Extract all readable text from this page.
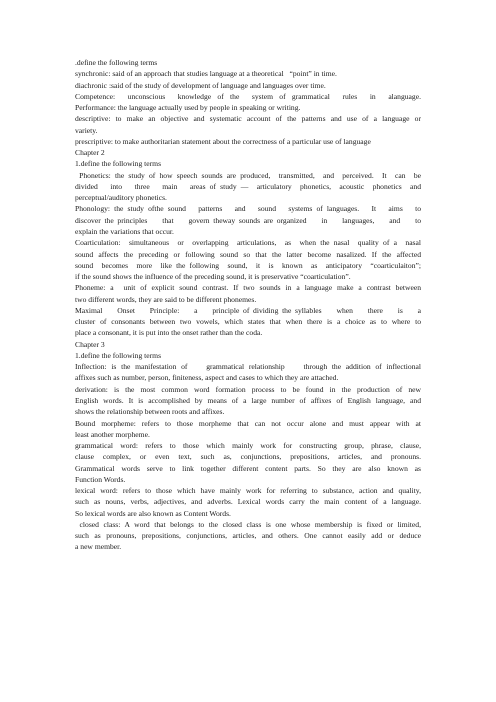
.define the following terms
synchronic: said of an approach that studies language at a theoretical   “point” in time.
diachronic :said of the study of development of language and languages over time.
Competence:  unconscious  knowledge of the  system of grammatical  rules  in  alanguage.
Performance: the language actually used by people in speaking or writing.
descriptive: to make an objective and systematic account of the patterns and use of a language or
variety.
prescriptive: to make authoritarian statement about the correctness of a particular use of language
Chapter 2
1.define the following terms
Phonetics: the study of how speech sounds are produced,  transmitted,  and  perceived.  It  can  be
divided   into   three   main   areas of study —  articulatory  phonetics,  acoustic  phonetics  and
perceptual/auditory phonetics.
Phonology: the study ofthe sound   patterns   and   sound   systems of languages.   It   aims   to
discover the principles    that    govern theway sounds are organized    in    languages,    and    to
explain the variations that occur.
Coarticulation:  simultaneous  or  overlapping  articulations,  as  when the nasal  quality of a  nasal
sound affects the preceding or following sound so that the latter become nasalized. If the affected
sound  becomes  more  like the following  sound,  it  is  known  as  anticipatory  “coarticulaiton”;
if the sound shows the influence of the preceding sound, it is preservative “coarticulation”.
Phoneme: a  unit of explicit sound contrast. If two sounds in a language make a contrast between
two different words, they are said to be different phonemes.
Maximal    Onset    Principle:    a    principle of dividing the syllables    when    there    is    a
cluster of consonants between two vowels, which states that when there is a choice as to where to
place a consonant, it is put into the onset rather than the coda.
Chapter 3
1.define the following terms
Inflection: is the manifestation of    grammatical relationship    through the addition of inflectional
affixes such as number, person, finiteness, aspect and cases to which they are attached.
derivation: is the most common word formation process to be found in the production of new
English words. It is accomplished by means of a large number of affixes of English language, and
shows the relationship between roots and affixes.
Bound morpheme: refers to those morpheme that can not occur alone and must appear with at
least another morpheme.
grammatical word: refers to those which mainly work for constructing group, phrase, clause,
clause complex, or even text, such as, conjunctions, prepositions, articles, and pronouns.
Grammatical words serve to link together different content parts. So they are also known as
Function Words.
lexical word: refers to those which have mainly work for referring to substance, action and quality,
such as nouns, verbs, adjectives, and adverbs. Lexical words carry the main content of a language.
So lexical words are also known as Content Words.
closed class: A word that belongs to the closed class is one whose membership is fixed or limited,
such as pronouns, prepositions, conjunctions, articles, and others. One cannot easily add or deduce
a new member.
